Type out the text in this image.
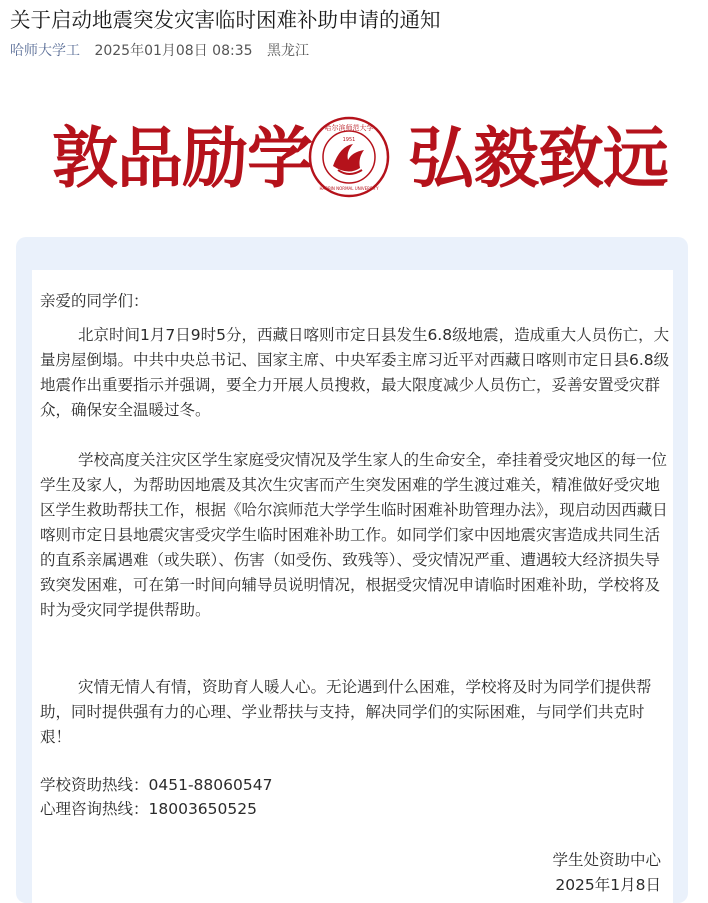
关于启动地震突发灾害临时困难补助申请的通知
哈师大学工 2025年01月08日 08:35 黑龙江
敦品励学 哈尔滨师范大学
1951
HARBIN NORMAL UNIVERSITY 弘毅致远
亲爱的同学们：
北京时间1月7日9时5分，西藏日喀则市定日县发生6.8级地震，造成重大人员伤亡，大量房屋倒塌。中共中央总书记、国家主席、中央军委主席习近平对西藏日喀则市定日县6.8级地震作出重要指示并强调，要全力开展人员搜救，最大限度减少人员伤亡，妥善安置受灾群众，确保安全温暖过冬。
学校高度关注灾区学生家庭受灾情况及学生家人的生命安全，牵挂着受灾地区的每一位学生及家人，为帮助因地震及其次生灾害而产生突发困难的学生渡过难关，精准做好受灾地区学生救助帮扶工作，根据《哈尔滨师范大学学生临时困难补助管理办法》，现启动因西藏日喀则市定日县地震灾害受灾学生临时困难补助工作。如同学们家中因地震灾害造成共同生活的直系亲属遇难（或失联）、伤害（如受伤、致残等）、受灾情况严重、遭遇较大经济损失导致突发困难，可在第一时间向辅导员说明情况，根据受灾情况申请临时困难补助，学校将及时为受灾同学提供帮助。
灾情无情人有情，资助育人暖人心。无论遇到什么困难，学校将及时为同学们提供帮助，同时提供强有力的心理、学业帮扶与支持，解决同学们的实际困难，与同学们共克时艰！
学校资助热线：0451-88060547
心理咨询热线：18003650525
学生处资助中心
2025年1月8日
